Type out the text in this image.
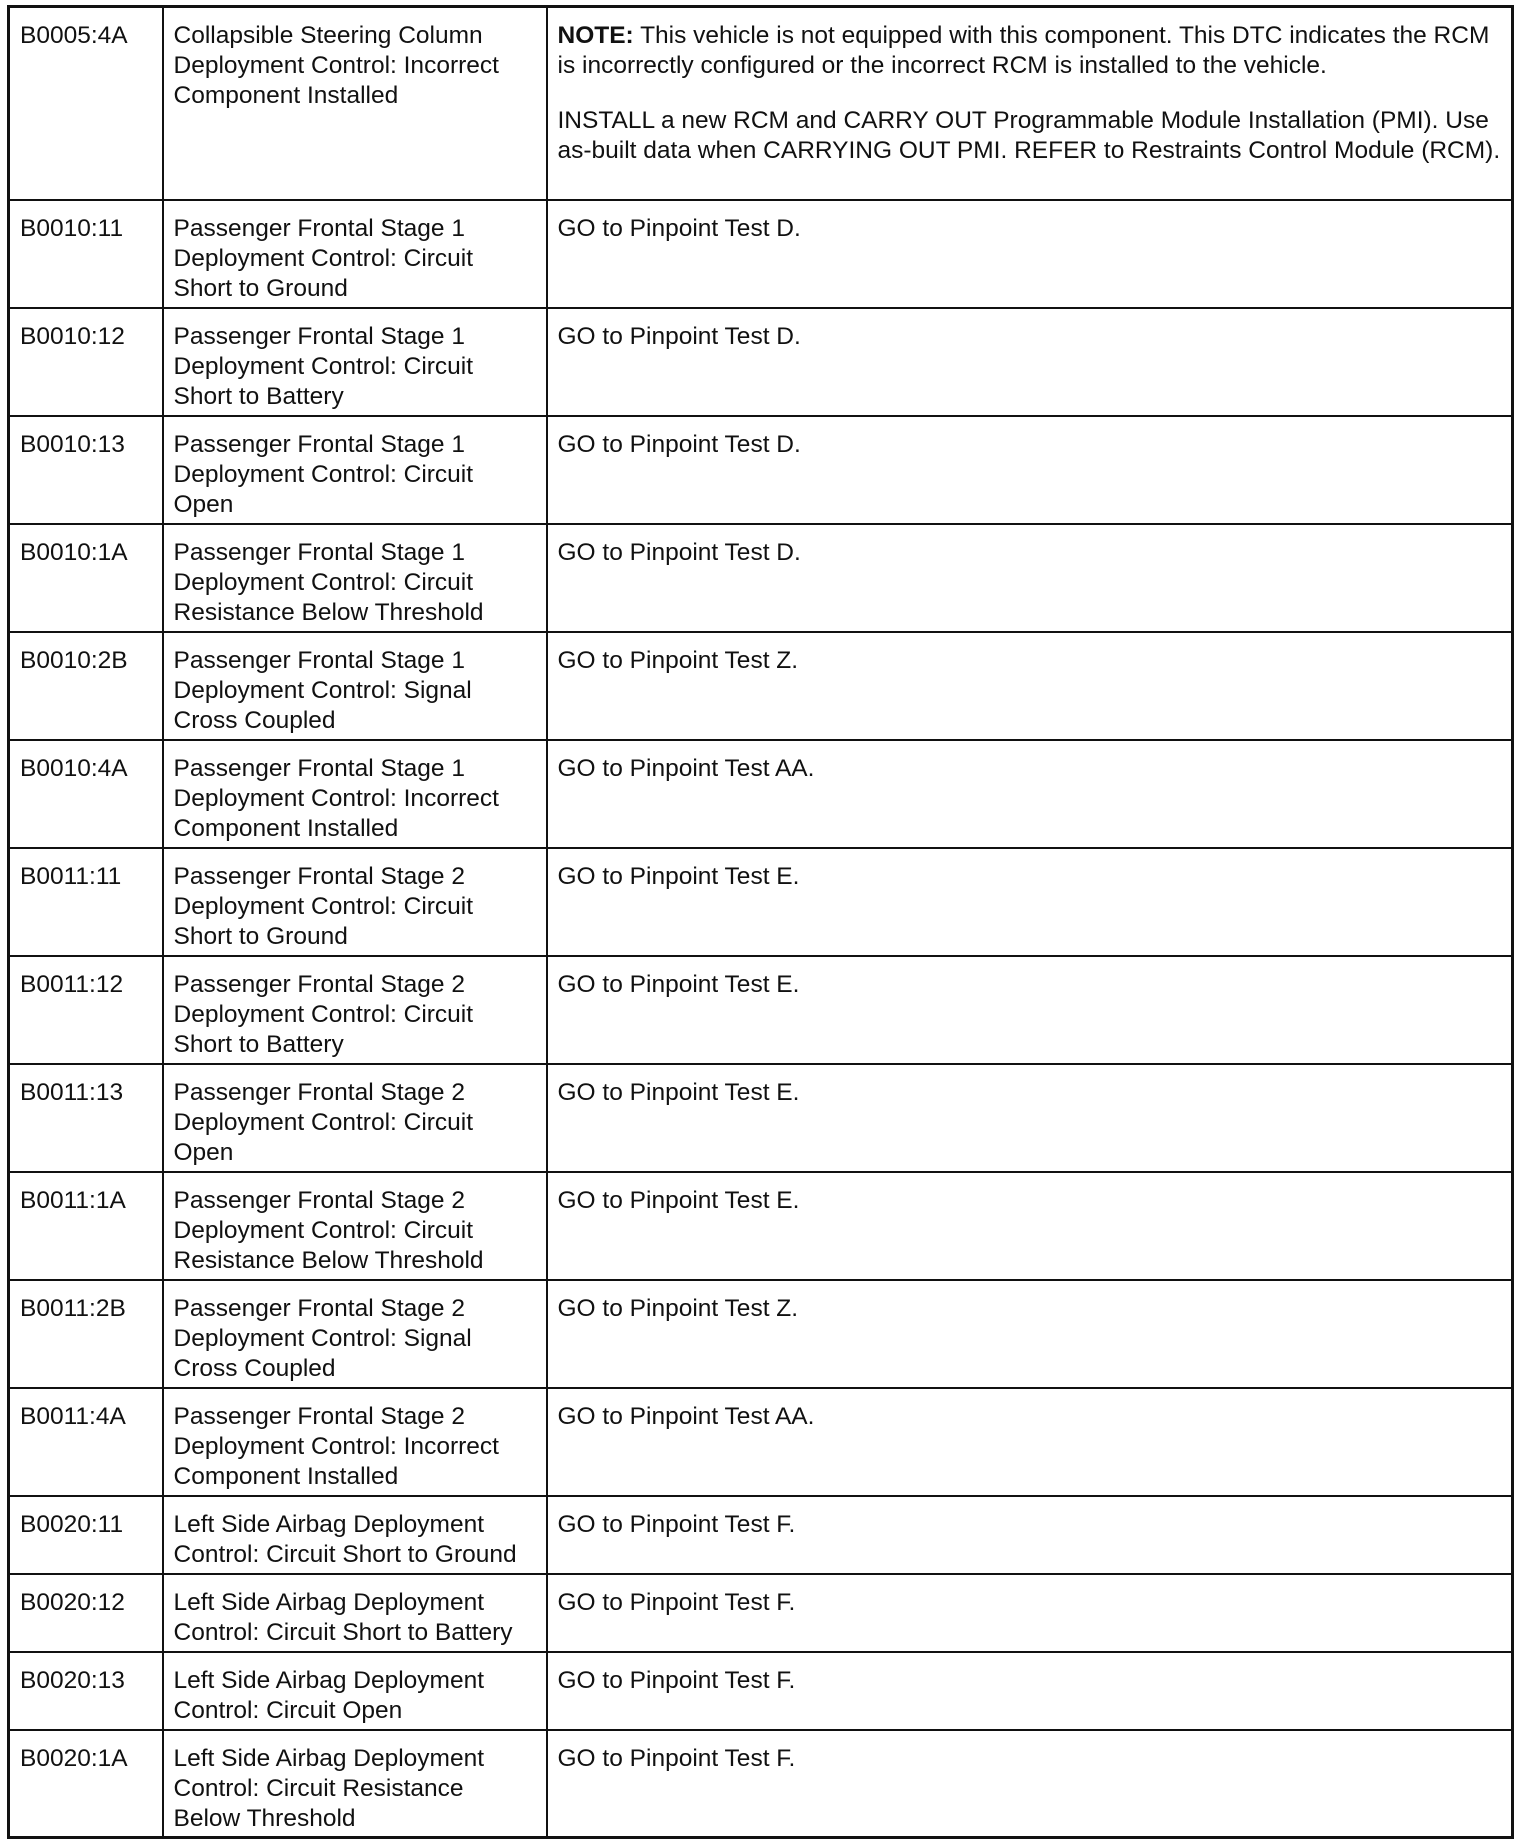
B0005:4A	Collapsible Steering Column Deployment Control: Incorrect Component Installed	NOTE: This vehicle is not equipped with this component. This DTC indicates the RCM is incorrectly configured or the incorrect RCM is installed to the vehicle.
INSTALL a new RCM and CARRY OUT Programmable Module Installation (PMI). Use as-built data when CARRYING OUT PMI. REFER to Restraints Control Module (RCM).

B0010:11	Passenger Frontal Stage 1 Deployment Control: Circuit Short to Ground	GO to Pinpoint Test D.
B0010:12	Passenger Frontal Stage 1 Deployment Control: Circuit Short to Battery	GO to Pinpoint Test D.
B0010:13	Passenger Frontal Stage 1 Deployment Control: Circuit Open	GO to Pinpoint Test D.
B0010:1A	Passenger Frontal Stage 1 Deployment Control: Circuit Resistance Below Threshold	GO to Pinpoint Test D.
B0010:2B	Passenger Frontal Stage 1 Deployment Control: Signal Cross Coupled	GO to Pinpoint Test Z.
B0010:4A	Passenger Frontal Stage 1 Deployment Control: Incorrect Component Installed	GO to Pinpoint Test AA.
B0011:11	Passenger Frontal Stage 2 Deployment Control: Circuit Short to Ground	GO to Pinpoint Test E.
B0011:12	Passenger Frontal Stage 2 Deployment Control: Circuit Short to Battery	GO to Pinpoint Test E.
B0011:13	Passenger Frontal Stage 2 Deployment Control: Circuit Open	GO to Pinpoint Test E.
B0011:1A	Passenger Frontal Stage 2 Deployment Control: Circuit Resistance Below Threshold	GO to Pinpoint Test E.
B0011:2B	Passenger Frontal Stage 2 Deployment Control: Signal Cross Coupled	GO to Pinpoint Test Z.
B0011:4A	Passenger Frontal Stage 2 Deployment Control: Incorrect Component Installed	GO to Pinpoint Test AA.
B0020:11	Left Side Airbag Deployment Control: Circuit Short to Ground	GO to Pinpoint Test F.
B0020:12	Left Side Airbag Deployment Control: Circuit Short to Battery	GO to Pinpoint Test F.
B0020:13	Left Side Airbag Deployment Control: Circuit Open	GO to Pinpoint Test F.
B0020:1A	Left Side Airbag Deployment Control: Circuit Resistance Below Threshold	GO to Pinpoint Test F.
